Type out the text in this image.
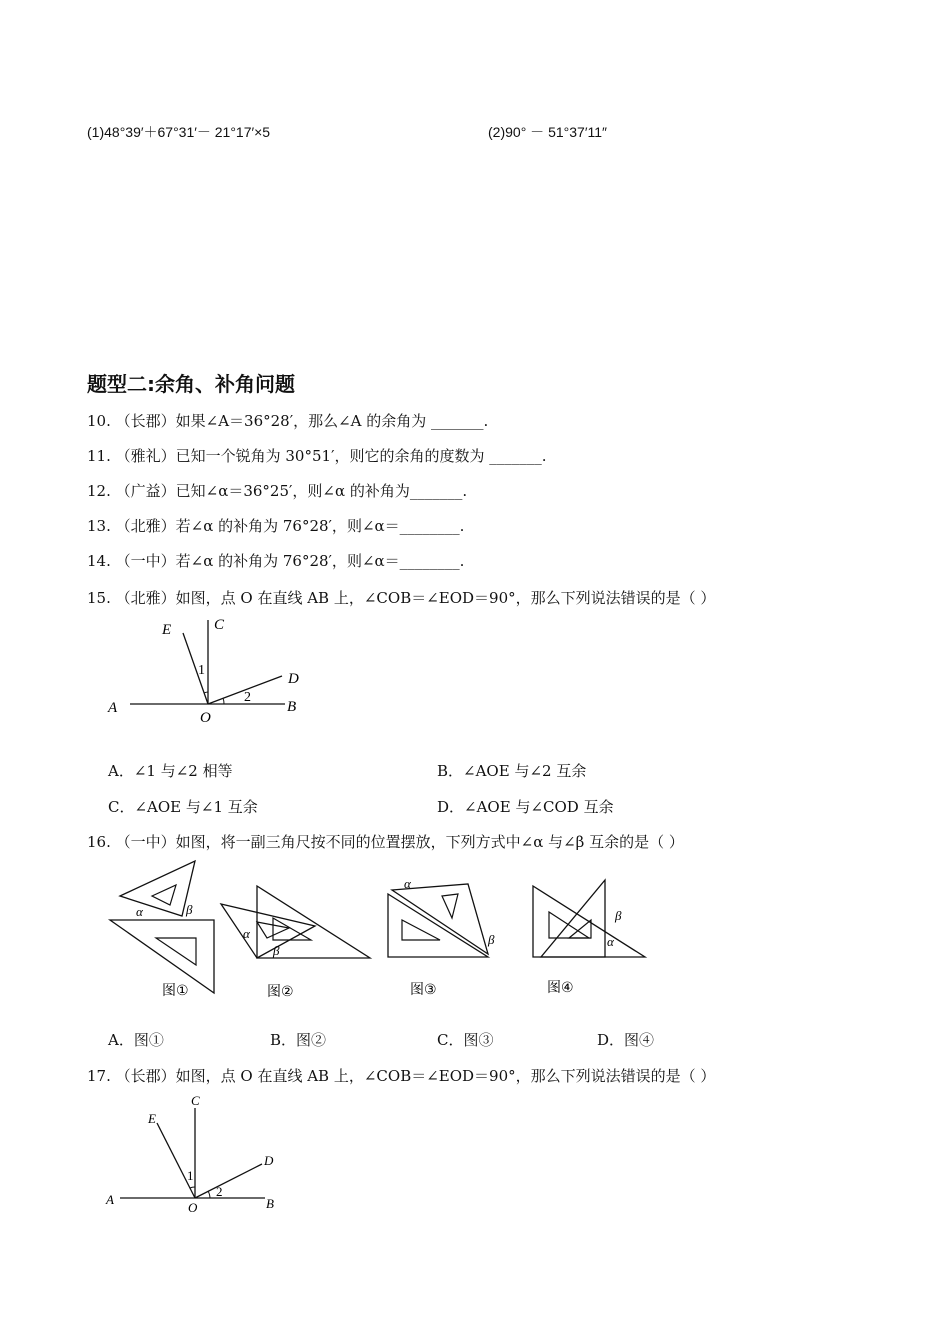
(1)48°39′＋67°31′－ 21°17′×5	(2)90° － 51°37′11″
题型二:余角、补角问题
10. （长郡）如果∠A＝36°28′，那么∠A 的余角为 _______.
11. （雅礼）已知一个锐角为 30°51′，则它的余角的度数为 _______.
12. （广益）已知∠α＝36°25′，则∠α 的补角为_______.
13. （北雅）若∠α 的补角为 76°28′，则∠α＝________.
14. （一中）若∠α 的补角为 76°28′，则∠α＝________.
15. （北雅）如图，点 O 在直线 AB 上，∠COB＝∠EOD＝90°，那么下列说法错误的是（ ）
E	C
D
A
O
B
1
2
A．∠1 与∠2 相等	B．∠AOE 与∠2 互余
C．∠AOE 与∠1 互余	D．∠AOE 与∠COD 互余
16. （一中）如图，将一副三角尺按不同的位置摆放，下列方式中∠α 与∠β 互余的是（ ）
α	β
图①
α
β
图②
α
β
图③
β
α
图④
A．图①	B．图②	C．图③	D．图④
17. （长郡）如图，点 O 在直线 AB 上，∠COB＝∠EOD＝90°，那么下列说法错误的是（ ）
E
C
D
A
O	B
1
2
